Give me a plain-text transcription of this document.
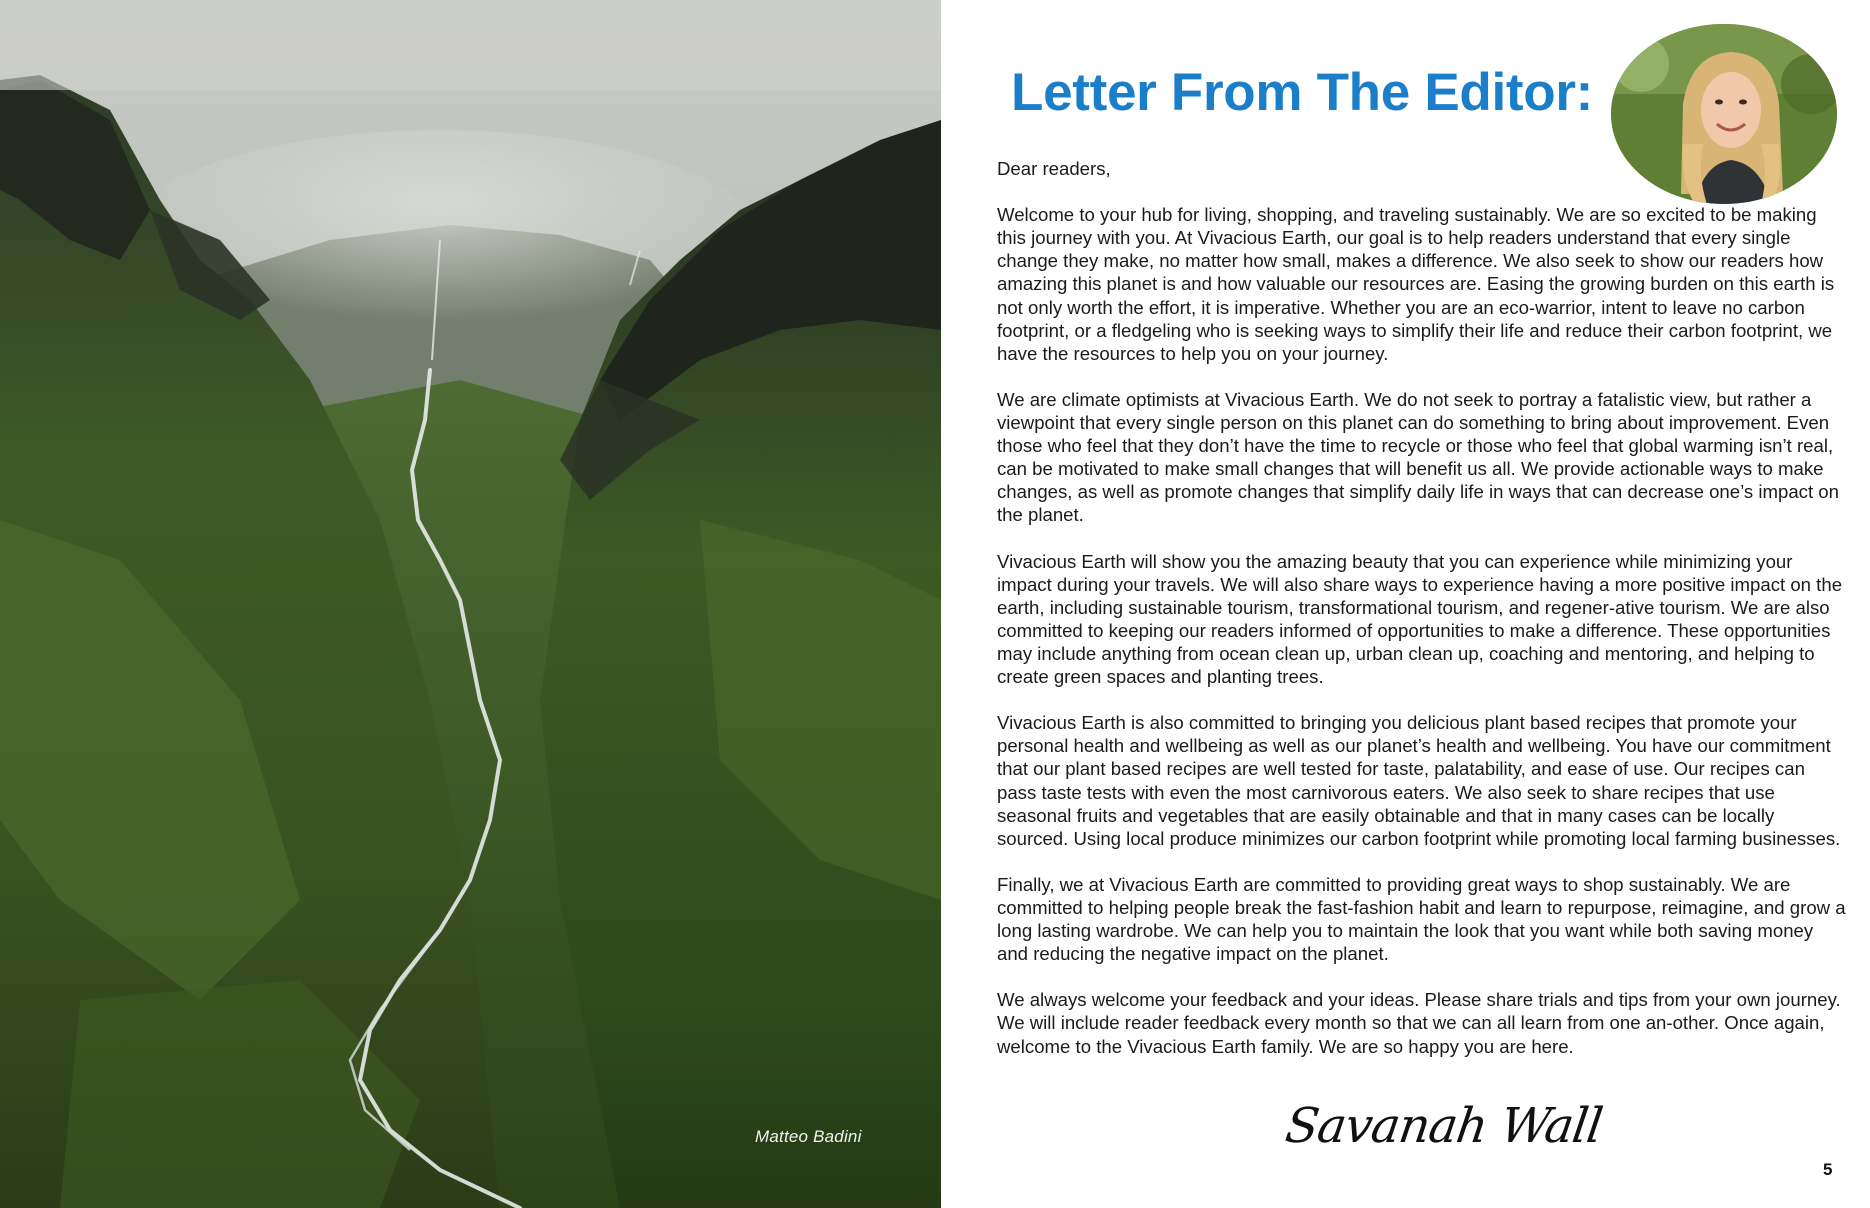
Matteo Badini
Letter From The Editor:

Dear readers,

Welcome to your hub for living, shopping, and traveling sustainably. We are so excited to be making this journey with you. At Vivacious Earth, our goal is to help readers understand that every single change they make, no matter how small, makes a difference. We also seek to show our readers how amazing this planet is and how valuable our resources are. Easing the growing burden on this earth is not only worth the effort, it is imperative. Whether you are an eco-warrior, intent to leave no carbon footprint, or a fledgeling who is seeking ways to simplify their life and reduce their carbon footprint, we have the resources to help you on your journey.

We are climate optimists at Vivacious Earth. We do not seek to portray a fatalistic view, but rather a viewpoint that every single person on this planet can do something to bring about improvement. Even those who feel that they don’t have the time to recycle or those who feel that global warming isn’t real, can be motivated to make small changes that will benefit us all. We provide actionable ways to make changes, as well as promote changes that simplify daily life in ways that can decrease one’s impact on the planet.

Vivacious Earth will show you the amazing beauty that you can experience while minimizing your impact during your travels. We will also share ways to experience having a more positive impact on the earth, including sustainable tourism, transformational tourism, and regener-ative tourism. We are also committed to keeping our readers informed of opportunities to make a difference. These opportunities may include anything from ocean clean up, urban clean up, coaching and mentoring, and helping to create green spaces and planting trees.

Vivacious Earth is also committed to bringing you delicious plant based recipes that promote your personal health and wellbeing as well as our planet’s health and wellbeing. You have our commitment that our plant based recipes are well tested for taste, palatability, and ease of use. Our recipes can pass taste tests with even the most carnivorous eaters. We also seek to share recipes that use seasonal fruits and vegetables that are easily obtainable and that in many cases can be locally sourced. Using local produce minimizes our carbon footprint while promoting local farming businesses.

Finally, we at Vivacious Earth are committed to providing great ways to shop sustainably. We are committed to helping people break the fast-fashion habit and learn to repurpose, reimagine, and grow a long lasting wardrobe. We can help you to maintain the look that you want while both saving money and reducing the negative impact on the planet.

We always welcome your feedback and your ideas. Please share trials and tips from your own journey. We will include reader feedback every month so that we can all learn from one an-other. Once again, welcome to the Vivacious Earth family. We are so happy you are here.

Savanah Wall
5
